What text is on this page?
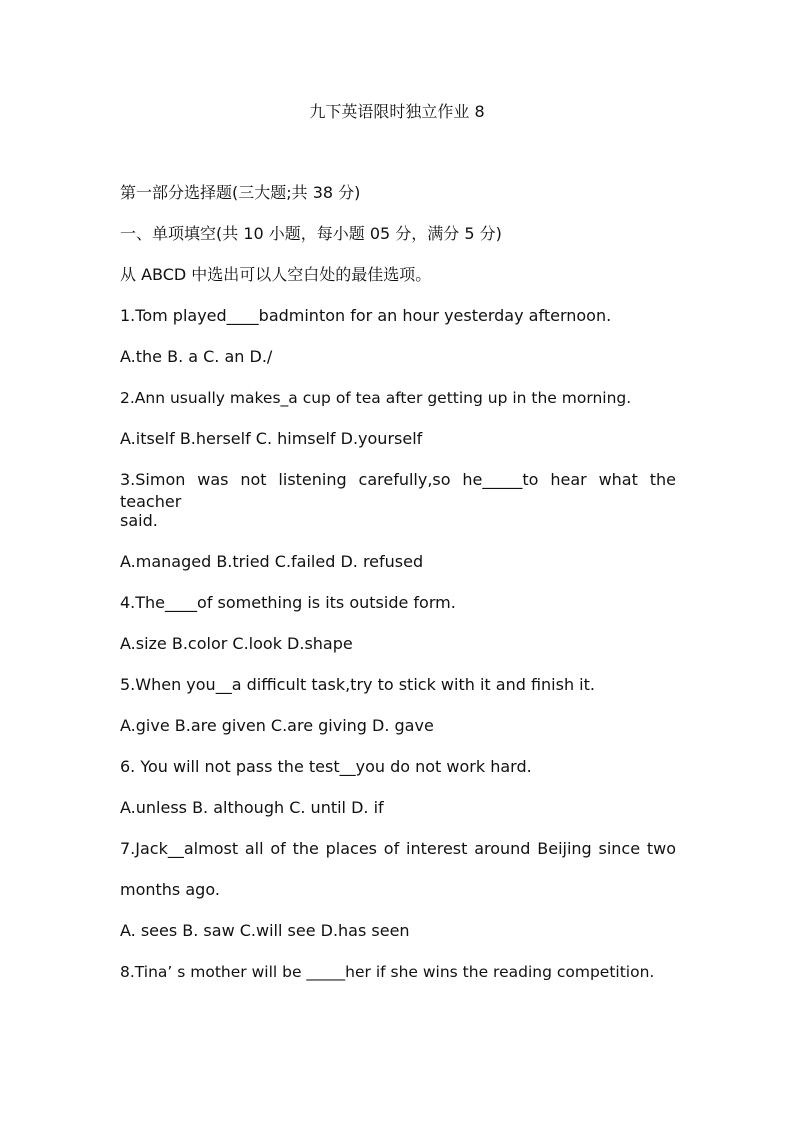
九下英语限时独立作业 8
第一部分选择题(三大题;共 38 分)
一、单项填空(共 10 小题，每小题 05 分，满分 5 分)
从 ABCD 中选出可以人空白处的最佳选项。
1.Tom played____badminton for an hour yesterday afternoon.
A.the B. a C. an D./
2.Ann usually makes_a cup of tea after getting up in the morning.
A.itself B.herself C. himself D.yourself
3.Simon was not listening carefully,so he_____to hear what the teacher
said.
A.managed B.tried C.failed D. refused
4.The____of something is its outside form.
A.size B.color C.look D.shape
5.When you__a difficult task,try to stick with it and finish it.
A.give B.are given C.are giving D. gave
6. You will not pass the test__you do not work hard.
A.unless B. although C. until D. if
7.Jack__almost all of the places of interest around Beijing since two
months ago.
A. sees B. saw C.will see D.has seen
8.Tina’ s mother will be _____her if she wins the reading competition.
